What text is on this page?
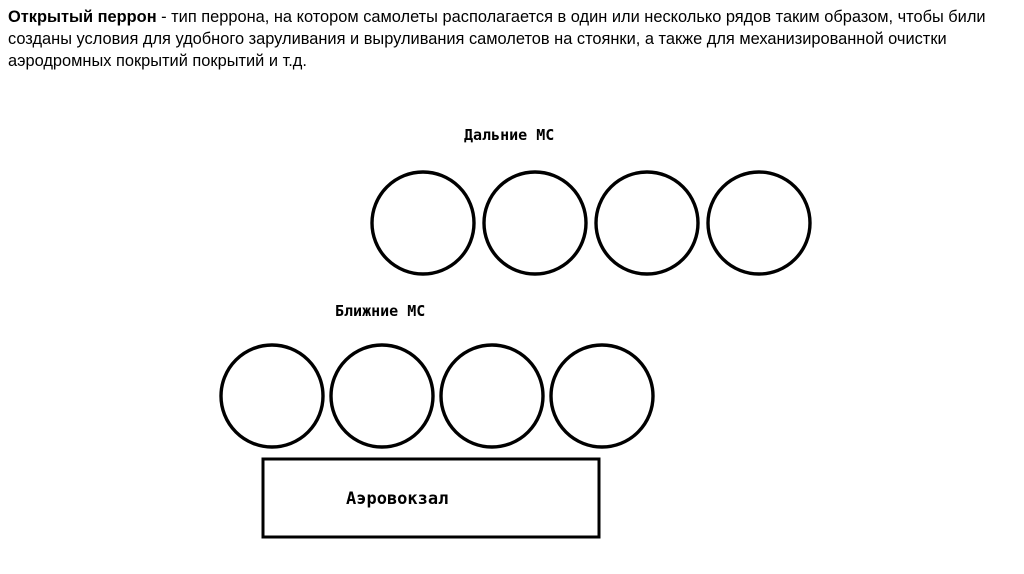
Открытый перрон - тип перрона, на котором самолеты располагается в один или несколько рядов таким образом, чтобы били созданы условия для удобного заруливания и выруливания самолетов на стоянки, а также для механизированной очистки аэродромных покрытий покрытий и т.д.

Дальние МС
Ближние МС
Аэровокзал
